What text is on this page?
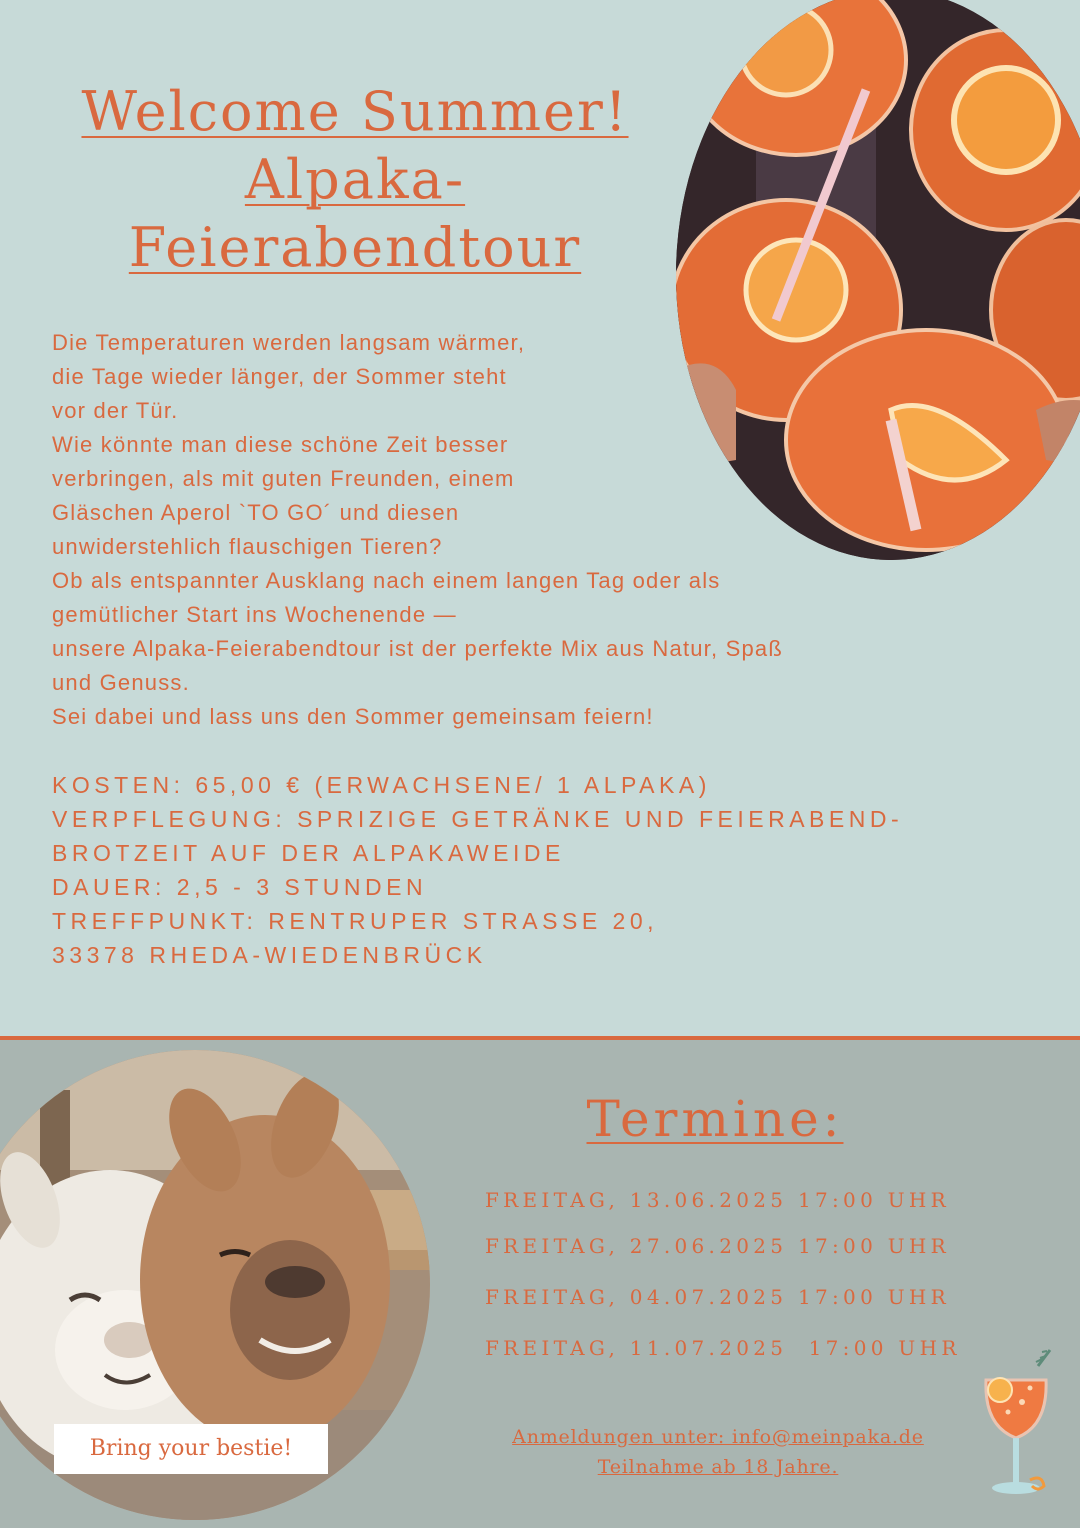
Welcome Summer!
Alpaka-
Feierabendtour

Die Temperaturen werden langsam wärmer,

die Tage wieder länger, der Sommer steht

vor der Tür.

Wie könnte man diese schöne Zeit besser

verbringen, als mit guten Freunden, einem

Gläschen Aperol `TO GO´ und diesen

unwiderstehlich flauschigen Tieren?

Ob als entspannter Ausklang nach einem langen Tag oder als

gemütlicher Start ins Wochenende —

unsere Alpaka-Feierabendtour ist der perfekte Mix aus Natur, Spaß

und Genuss.

Sei dabei und lass uns den Sommer gemeinsam feiern!

KOSTEN: 65,00 € (ERWACHSENE/ 1 ALPAKA)

VERPFLEGUNG: SPRIZIGE GETRÄNKE UND FEIERABEND-

BROTZEIT AUF DER ALPAKAWEIDE

DAUER: 2,5 - 3 STUNDEN

TREFFPUNKT: RENTRUPER STRASSE 20,

33378 RHEDA-WIEDENBRÜCK

Bring your bestie!
Termine:
FREITAG, 13.06.2025 17:00 UHR
FREITAG, 27.06.2025 17:00 UHR
FREITAG, 04.07.2025 17:00 UHR
FREITAG, 11.07.2025  17:00 UHR

Anmeldungen unter: info@meinpaka.de

Teilnahme ab 18 Jahre.
